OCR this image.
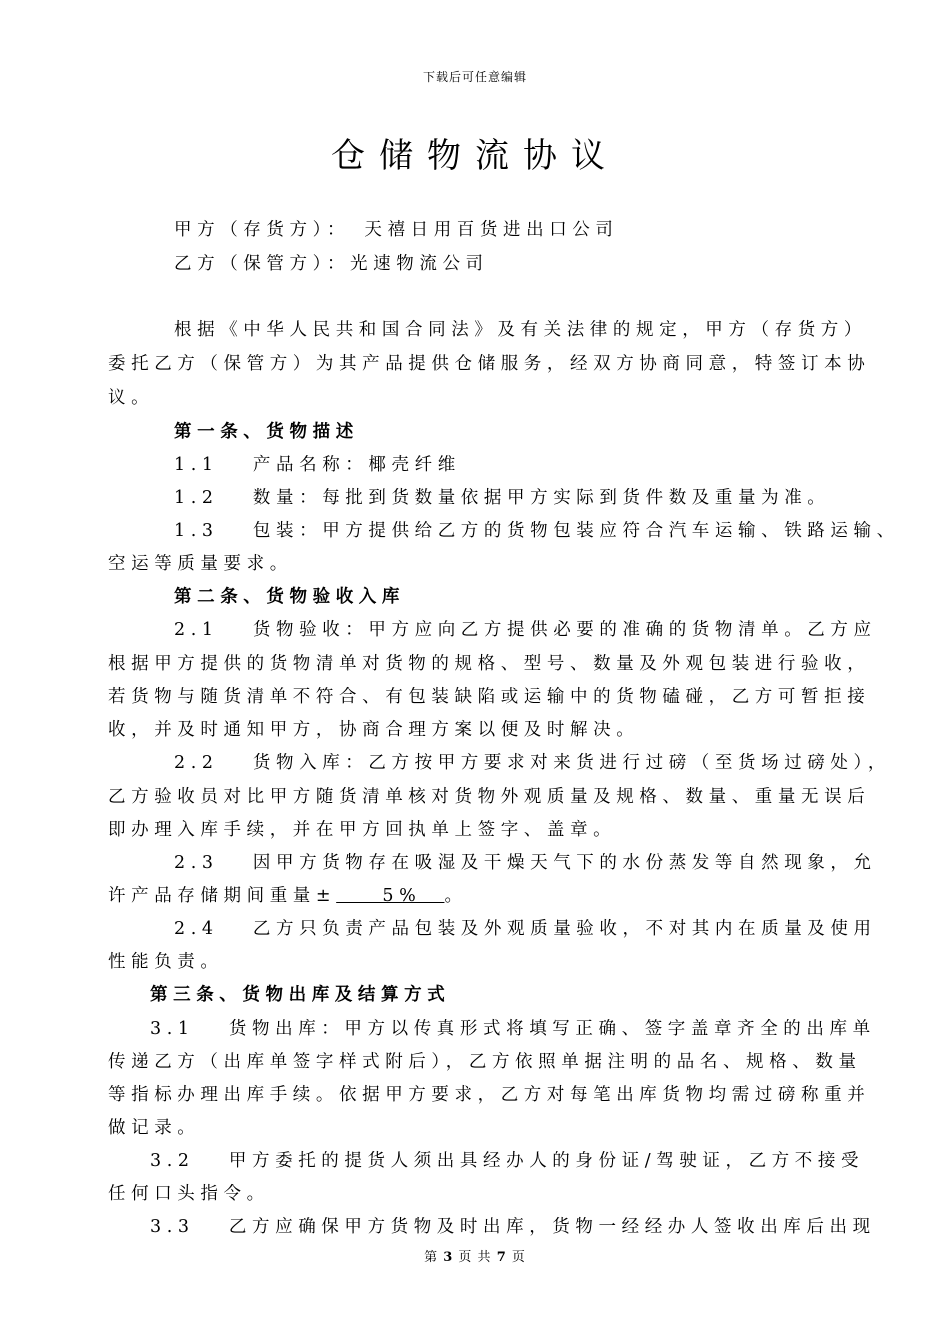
下载后可任意编辑
仓储物流协议
甲方（存货方）：　天禧日用百货进出口公司
乙方（保管方）：光速物流公司
根据《中华人民共和国合同法》及有关法律的规定，甲方（存货方）
委托乙方（保管方）为其产品提供仓储服务，经双方协商同意，特签订本协
议。
第一条、货物描述
1.1　 产品名称：椰壳纤维
1.2　 数量：每批到货数量依据甲方实际到货件数及重量为准。
1.3　 包装：甲方提供给乙方的货物包装应符合汽车运输、铁路运输、
空运等质量要求。
第二条、货物验收入库
2.1　 货物验收：甲方应向乙方提供必要的准确的货物清单。乙方应
根据甲方提供的货物清单对货物的规格、型号、数量及外观包装进行验收，
若货物与随货清单不符合、有包装缺陷或运输中的货物磕碰，乙方可暂拒接
收，并及时通知甲方，协商合理方案以便及时解决。
2.2　 货物入库：乙方按甲方要求对来货进行过磅（至货场过磅处），
乙方验收员对比甲方随货清单核对货物外观质量及规格、数量、重量无误后
即办理入库手续，并在甲方回执单上签字、盖章。
2.3　 因甲方货物存在吸湿及干燥天气下的水份蒸发等自然现象，允
许产品存储期间重量±　　5%　。
2.4　 乙方只负责产品包装及外观质量验收，不对其内在质量及使用
性能负责。
第三条、货物出库及结算方式
3.1　 货物出库：甲方以传真形式将填写正确、签字盖章齐全的出库单
传递乙方（出库单签字样式附后），乙方依照单据注明的品名、规格、数量
等指标办理出库手续。依据甲方要求，乙方对每笔出库货物均需过磅称重并
做记录。
3.2　 甲方委托的提货人须出具经办人的身份证/驾驶证，乙方不接受
任何口头指令。
3.3　 乙方应确保甲方货物及时出库，货物一经经办人签收出库后出现
第 3 页 共 7 页
